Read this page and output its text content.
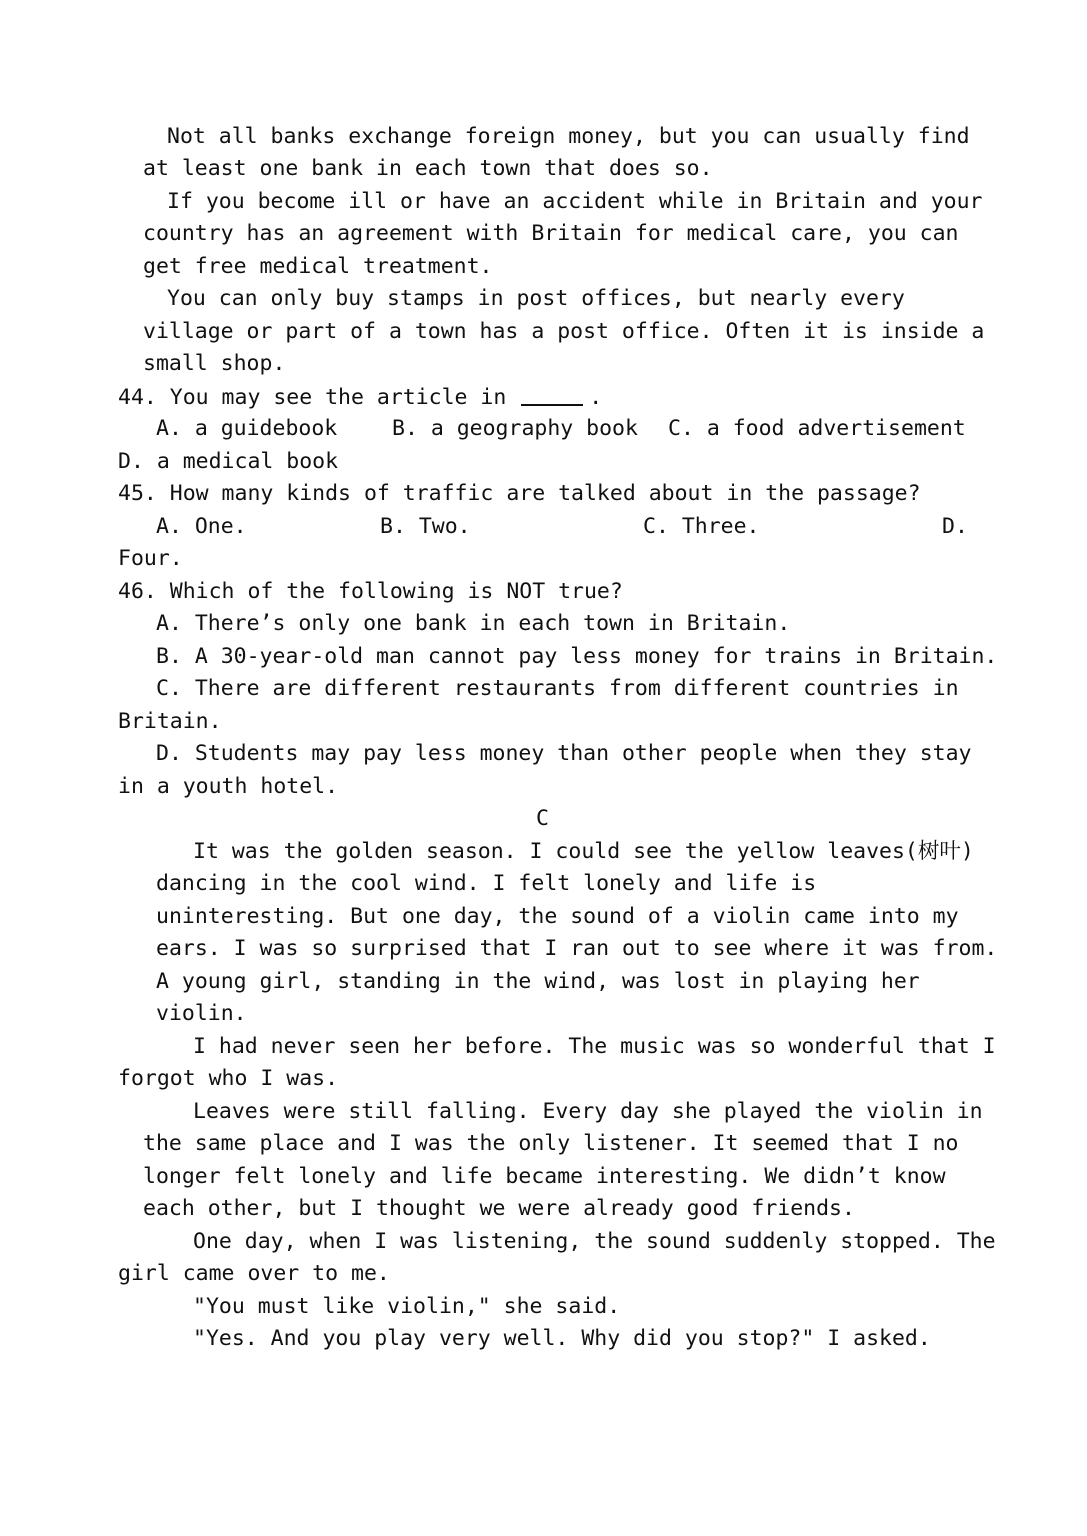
Not all banks exchange foreign money, but you can usually find
at least one bank in each town that does so.
If you become ill or have an accident while in Britain and your
country has an agreement with Britain for medical care, you can
get free medical treatment.
You can only buy stamps in post offices, but nearly every
village or part of a town has a post office. Often it is inside a
small shop.
44. You may see the article in	.
A. a guidebook	B. a geography book C. a food advertisement
D. a medical book
45. How many kinds of traffic are talked about in the passage?
A. One.	B. Two.	C. Three.	D.
Four.
46. Which of the following is NOT true?
A. There’s only one bank in each town in Britain.
B. A 30-year-old man cannot pay less money for trains in Britain.
C. There are different restaurants from different countries in
Britain.
D. Students may pay less money than other people when they stay
in a youth hotel.
C
It was the golden season. I could see the yellow leaves(树叶)
dancing in the cool wind. I felt lonely and life is
uninteresting. But one day, the sound of a violin came into my
ears. I was so surprised that I ran out to see where it was from.
A young girl, standing in the wind, was lost in playing her
violin.
I had never seen her before. The music was so wonderful that I
forgot who I was.
Leaves were still falling. Every day she played the violin in
the same place and I was the only listener. It seemed that I no
longer felt lonely and life became interesting. We didn’t know
each other, but I thought we were already good friends.
One day, when I was listening, the sound suddenly stopped. The
girl came over to me.
"You must like violin," she said.
"Yes. And you play very well. Why did you stop?" I asked.
